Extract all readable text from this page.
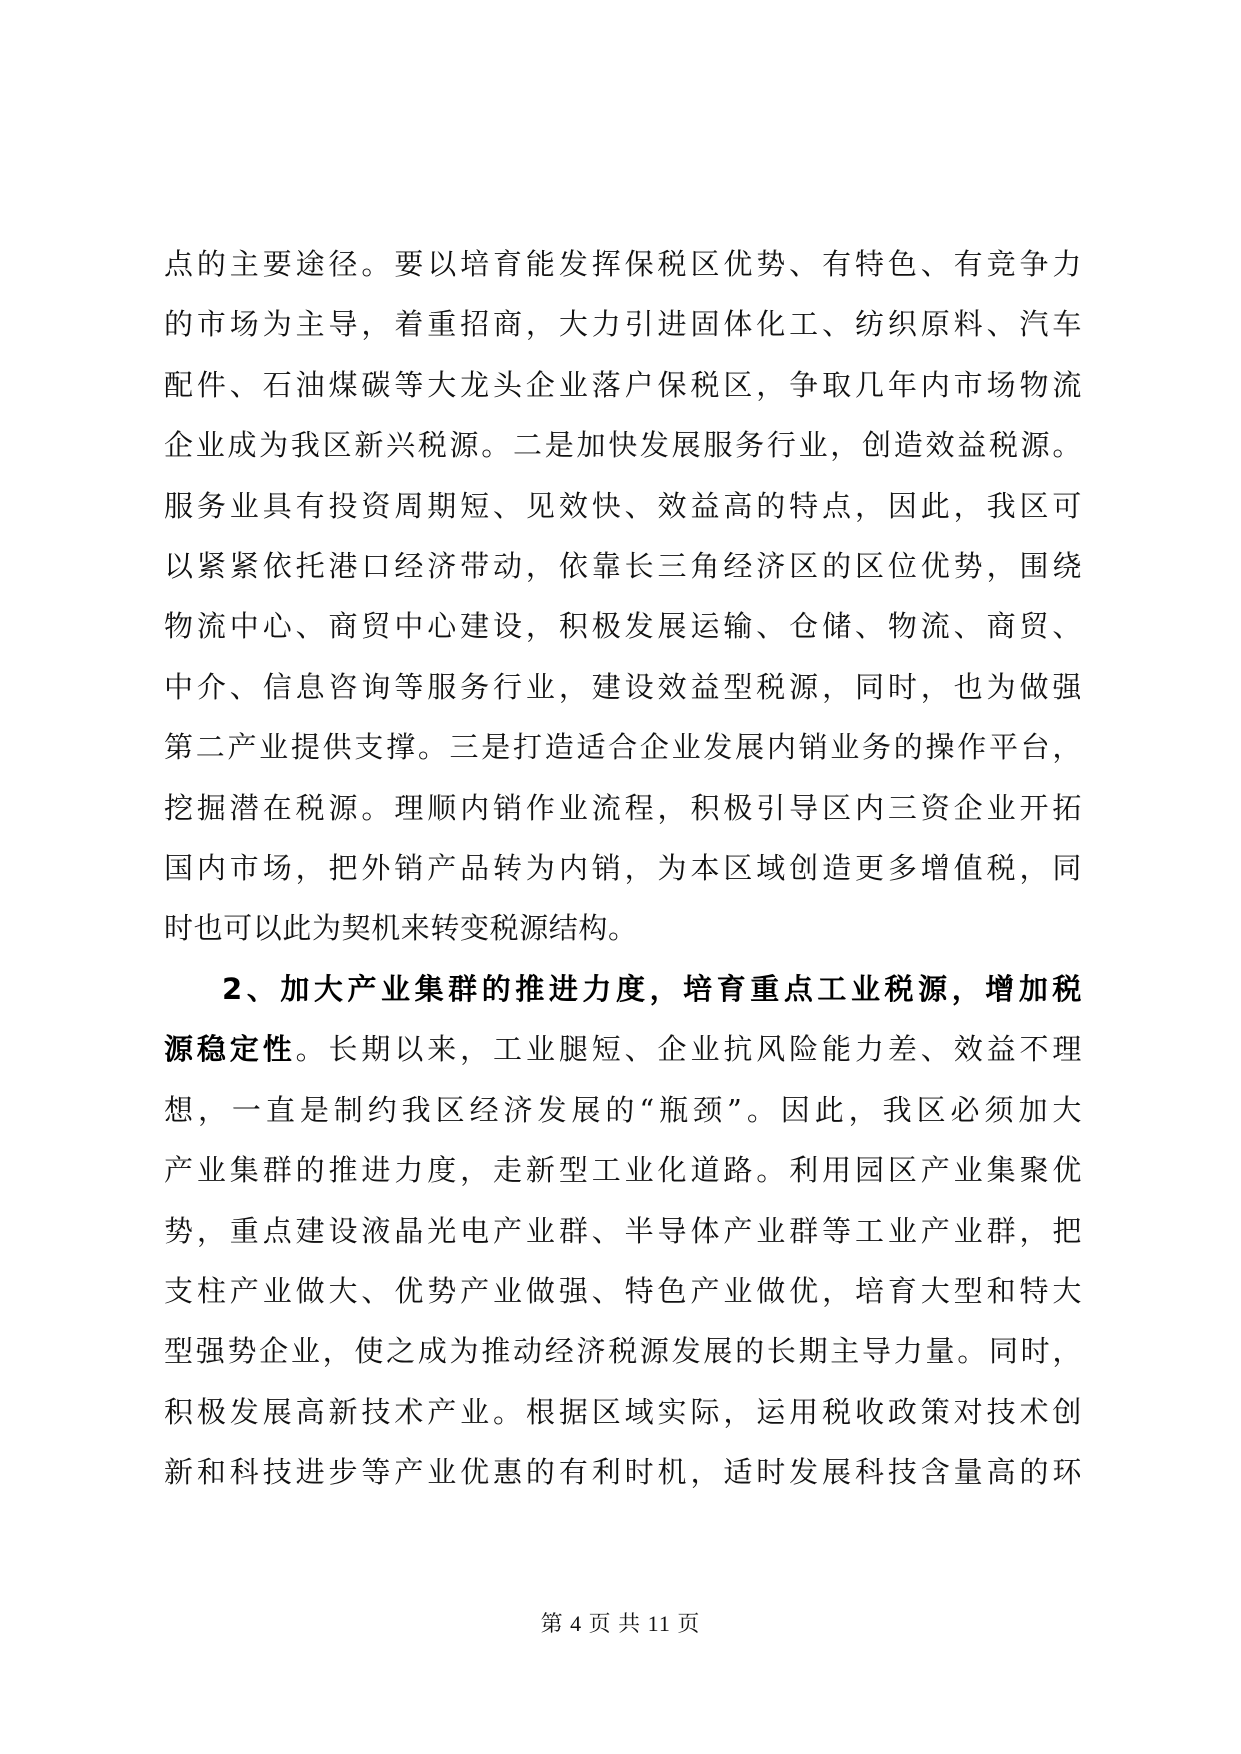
点的主要途径。要以培育能发挥保税区优势、有特色、有竞争力
的市场为主导，着重招商，大力引进固体化工、纺织原料、汽车
配件、石油煤碳等大龙头企业落户保税区，争取几年内市场物流
企业成为我区新兴税源。二是加快发展服务行业，创造效益税源。
服务业具有投资周期短、见效快、效益高的特点，因此，我区可
以紧紧依托港口经济带动，依靠长三角经济区的区位优势，围绕
物流中心、商贸中心建设，积极发展运输、仓储、物流、商贸、
中介、信息咨询等服务行业，建设效益型税源，同时，也为做强
第二产业提供支撑。三是打造适合企业发展内销业务的操作平台，
挖掘潜在税源。理顺内销作业流程，积极引导区内三资企业开拓
国内市场，把外销产品转为内销，为本区域创造更多增值税，同
时也可以此为契机来转变税源结构。

2、加大产业集群的推进力度，培育重点工业税源，增加税
源稳定性。长期以来，工业腿短、企业抗风险能力差、效益不理
想，一直是制约我区经济发展的“瓶颈”。因此，我区必须加大
产业集群的推进力度，走新型工业化道路。利用园区产业集聚优
势，重点建设液晶光电产业群、半导体产业群等工业产业群，把
支柱产业做大、优势产业做强、特色产业做优，培育大型和特大
型强势企业，使之成为推动经济税源发展的长期主导力量。同时，
积极发展高新技术产业。根据区域实际，运用税收政策对技术创
新和科技进步等产业优惠的有利时机，适时发展科技含量高的环

第 4 页 共 11 页
